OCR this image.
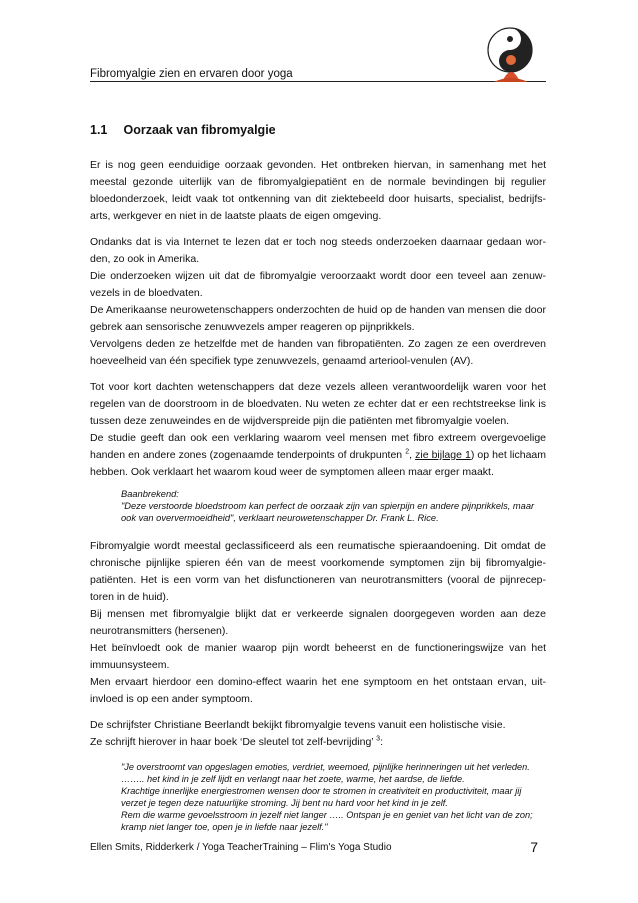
Fibromyalgie zien en ervaren door yoga
1.1 Oorzaak van fibromyalgie

Er is nog geen eenduidige oorzaak gevonden. Het ontbreken hiervan, in samenhang met het meestal gezonde uiterlijk van de fibromyalgiepatiënt en de normale bevindingen bij regulier bloedonderzoek, leidt vaak tot ontkenning van dit ziektebeeld door huisarts, specialist, bedrijfs-arts, werkgever en niet in de laatste plaats de eigen omgeving.

Ondanks dat is via Internet te lezen dat er toch nog steeds onderzoeken daarnaar gedaan wor-den, zo ook in Amerika.

Die onderzoeken wijzen uit dat de fibromyalgie veroorzaakt wordt door een teveel aan zenuw-vezels in de bloedvaten.

De Amerikaanse neurowetenschappers onderzochten de huid op de handen van mensen die door gebrek aan sensorische zenuwvezels amper reageren op pijnprikkels.

Vervolgens deden ze hetzelfde met de handen van fibropatiënten. Zo zagen ze een overdreven hoeveelheid van één specifiek type zenuwvezels, genaamd arteriool-venulen (AV).

Tot voor kort dachten wetenschappers dat deze vezels alleen verantwoordelijk waren voor het regelen van de doorstroom in de bloedvaten. Nu weten ze echter dat er een rechtstreekse link is tussen deze zenuweindes en de wijdverspreide pijn die patiënten met fibromyalgie voelen.

De studie geeft dan ook een verklaring waarom veel mensen met fibro extreem overgevoelige handen en andere zones (zogenaamde tenderpoints of drukpunten $^2$, zie bijlage 1) op het lichaam hebben. Ook verklaart het waarom koud weer de symptomen alleen maar erger maakt.

Baanbrekend:
"Deze verstoorde bloedstroom kan perfect de oorzaak zijn van spierpijn en andere pijnprikkels, maar ook van oververmoeidheid", verklaart neurowetenschapper Dr. Frank L. Rice.

Fibromyalgie wordt meestal geclassificeerd als een reumatische spieraandoening. Dit omdat de chronische pijnlijke spieren één van de meest voorkomende symptomen zijn bij fibromyalgie-patiënten. Het is een vorm van het disfunctioneren van neurotransmitters (vooral de pijnrecep-toren in de huid).

Bij mensen met fibromyalgie blijkt dat er verkeerde signalen doorgegeven worden aan deze neurotransmitters (hersenen).

Het beïnvloedt ook de manier waarop pijn wordt beheerst en de functioneringswijze van het immuunsysteem.

Men ervaart hierdoor een domino-effect waarin het ene symptoom en het ontstaan ervan, uit-invloed is op een ander symptoom.

De schrijfster Christiane Beerlandt bekijkt fibromyalgie tevens vanuit een holistische visie.

Ze schrijft hierover in haar boek ‘De sleutel tot zelf-bevrijding’ $^3$:

"Je overstroomt van opgeslagen emoties, verdriet, weemoed, pijnlijke herinneringen uit het verleden. …….. het kind in je zelf lijdt en verlangt naar het zoete, warme, het aardse, de liefde.
Krachtige innerlijke energiestromen wensen door te stromen in creativiteit en productiviteit, maar jij verzet je tegen deze natuurlijke stroming. Jij bent nu hard voor het kind in je zelf.
Rem die warme gevoelsstroom in jezelf niet langer ….. Ontspan je en geniet van het licht van de zon; kramp niet langer toe, open je in liefde naar jezelf."
Ellen Smits, Ridderkerk / Yoga TeacherTraining – Flim's Yoga Studio	7
